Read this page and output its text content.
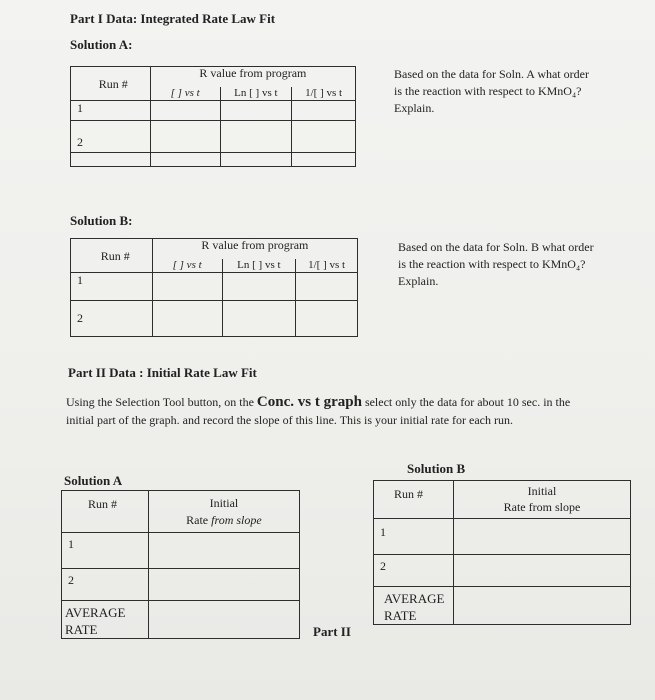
Part I Data: Integrated Rate Law Fit
Solution A:
Run #	R value from program		
	[ ] vs t	Ln [ ] vs t	1/[ ] vs t
1			
2			

Based on the data for Soln. A what order is the reaction with respect to KMnO₄? Explain.
Solution B:
Run #	R value from program		
	[ ] vs t	Ln [ ] vs t	1/[ ] vs t
1			
2			
Based on the data for Soln. B what order is the reaction with respect to KMnO₄? Explain.
Part II Data : Initial Rate Law Fit
Using the Selection Tool button, on the Conc. vs t graph select only the data for about 10 sec. in the initial part of the graph. and record the slope of this line. This is your initial rate for each run.
Solution A
Run #	Initial
Rate from slope

1	
2	

AVERAGE
RATE	

Solution B
Run #	Initial
Rate from slope

1	
2	

AVERAGE
RATE	

Part II
